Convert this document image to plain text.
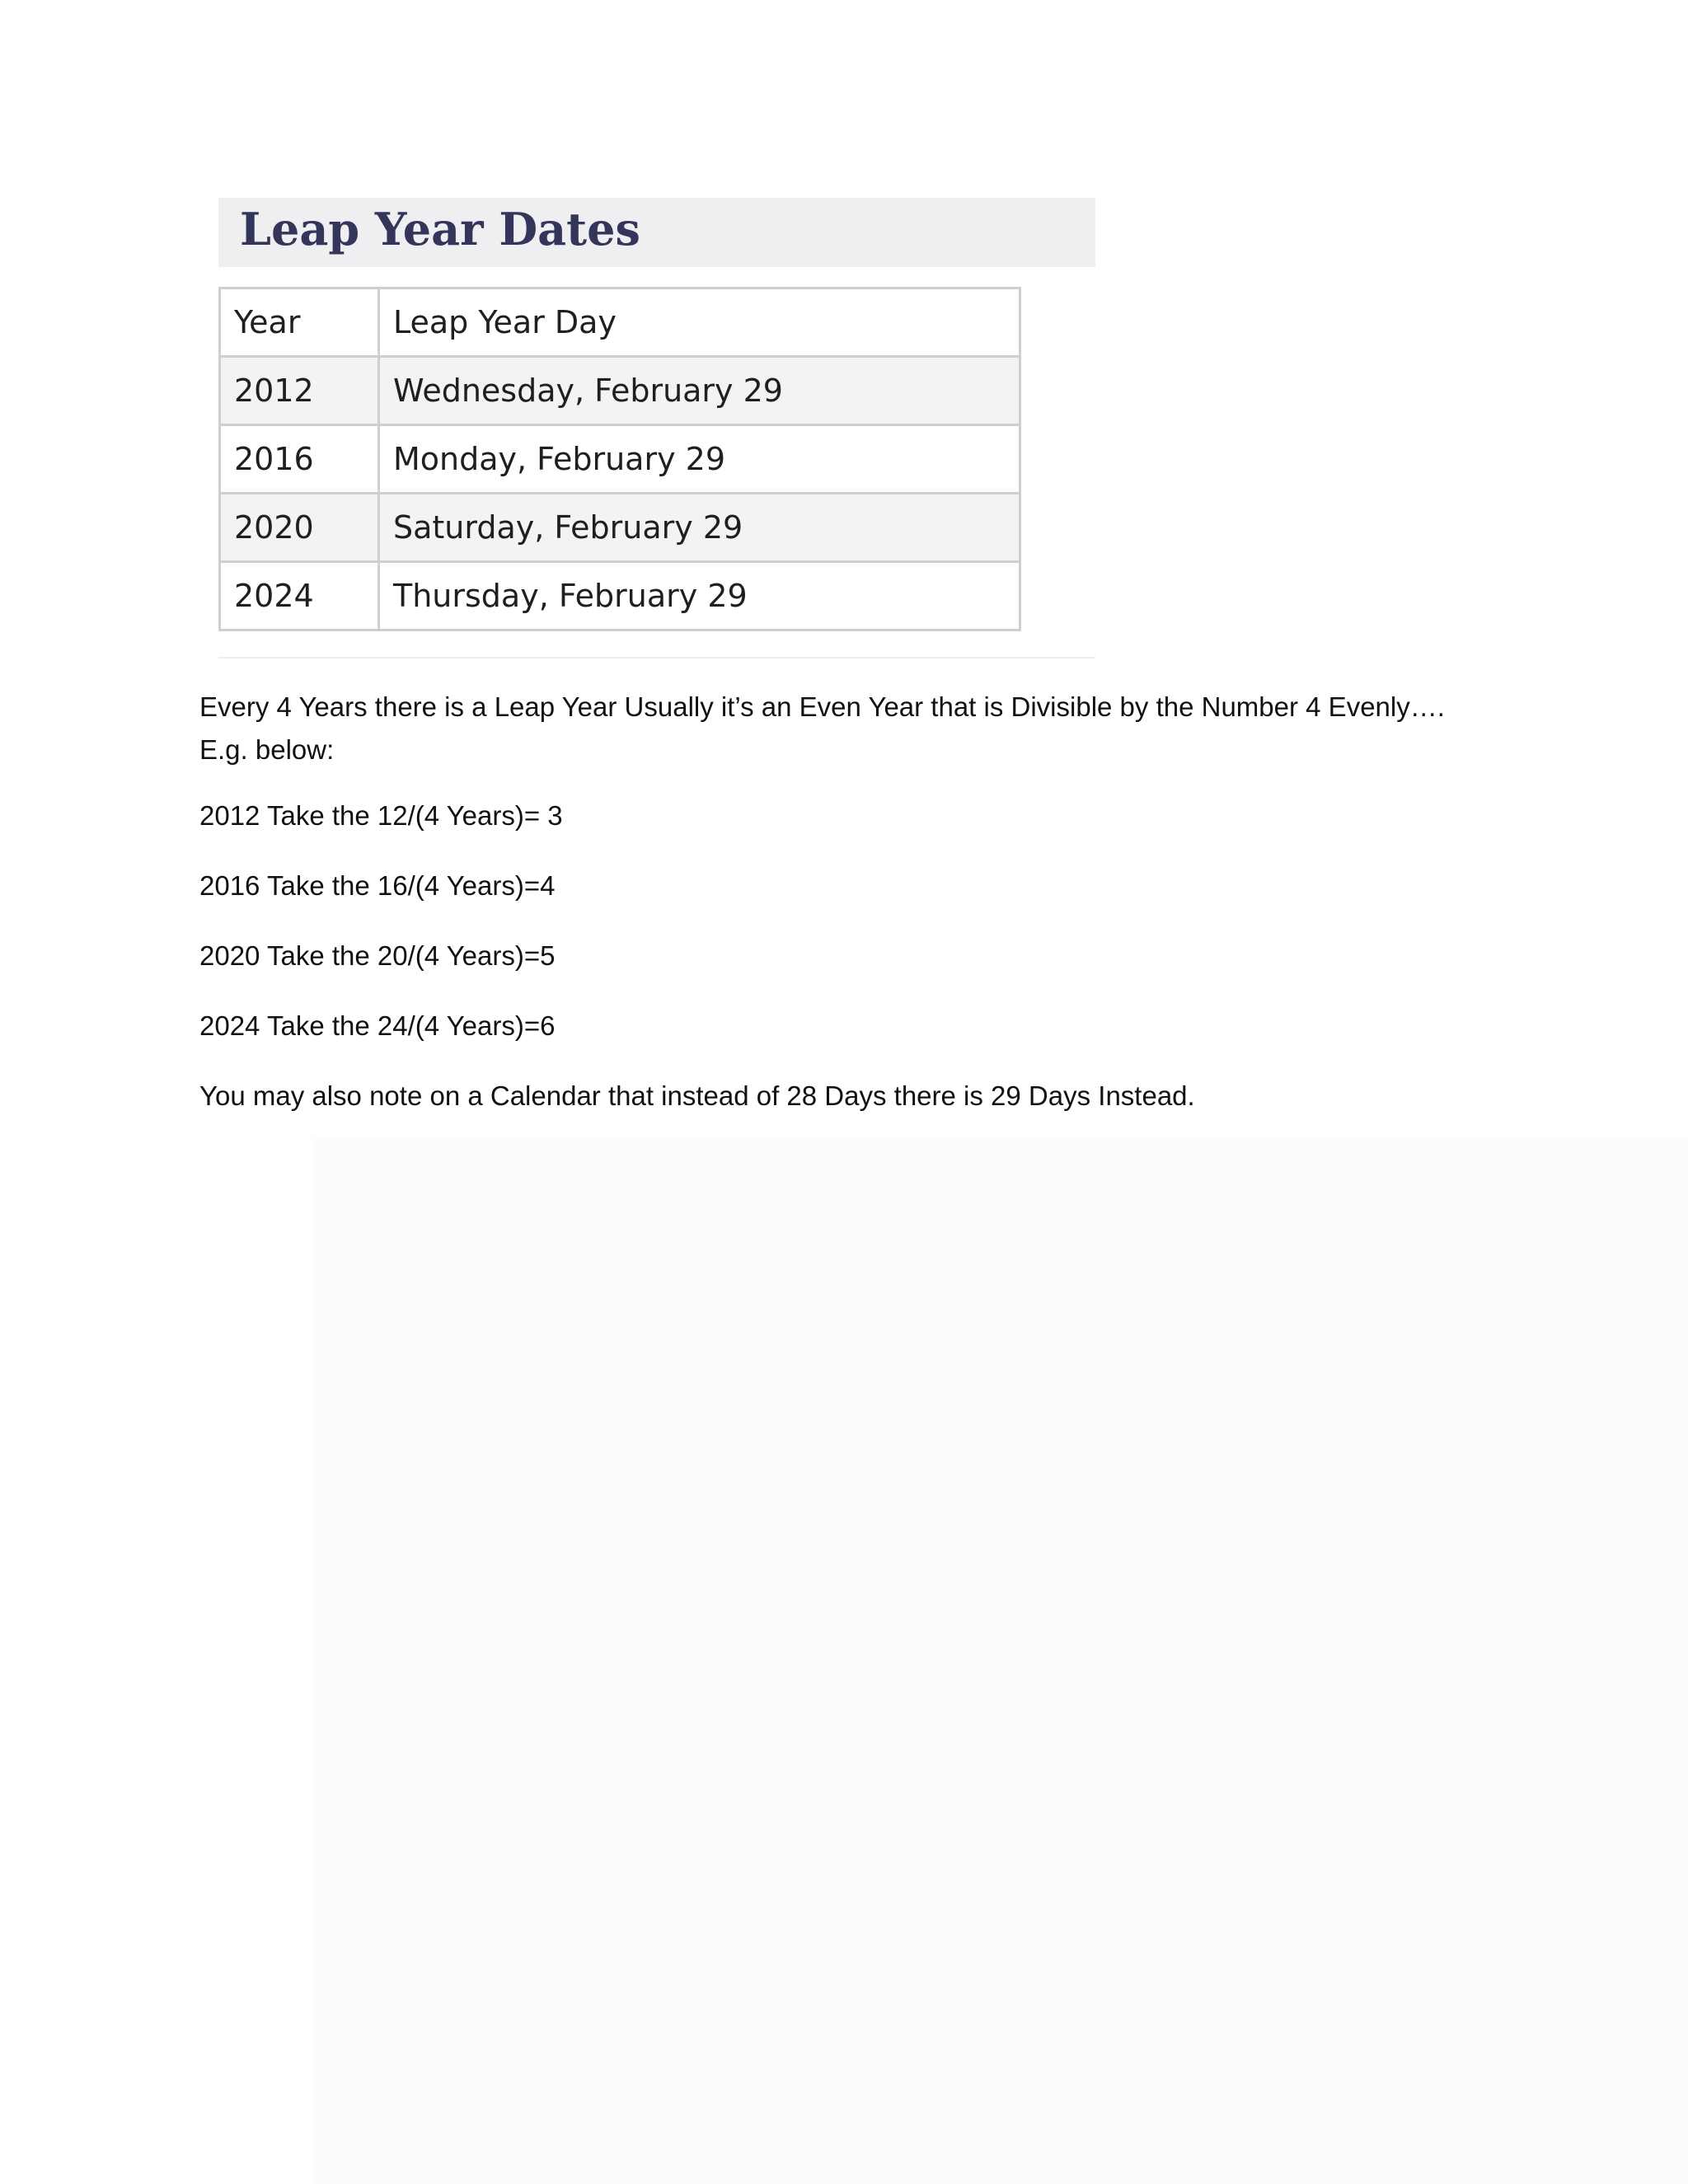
Leap Year Dates
Year	Leap Year Day
2012	Wednesday, February 29
2016	Monday, February 29
2020	Saturday, February 29
2024	Thursday, February 29

Every 4 Years there is a Leap Year Usually it’s an Even Year that is Divisible by the Number 4 Evenly….
E.g. below:

2012 Take the 12/(4 Years)= 3

2016 Take the 16/(4 Years)=4

2020 Take the 20/(4 Years)=5

2024 Take the 24/(4 Years)=6

You may also note on a Calendar that instead of 28 Days there is 29 Days Instead.
